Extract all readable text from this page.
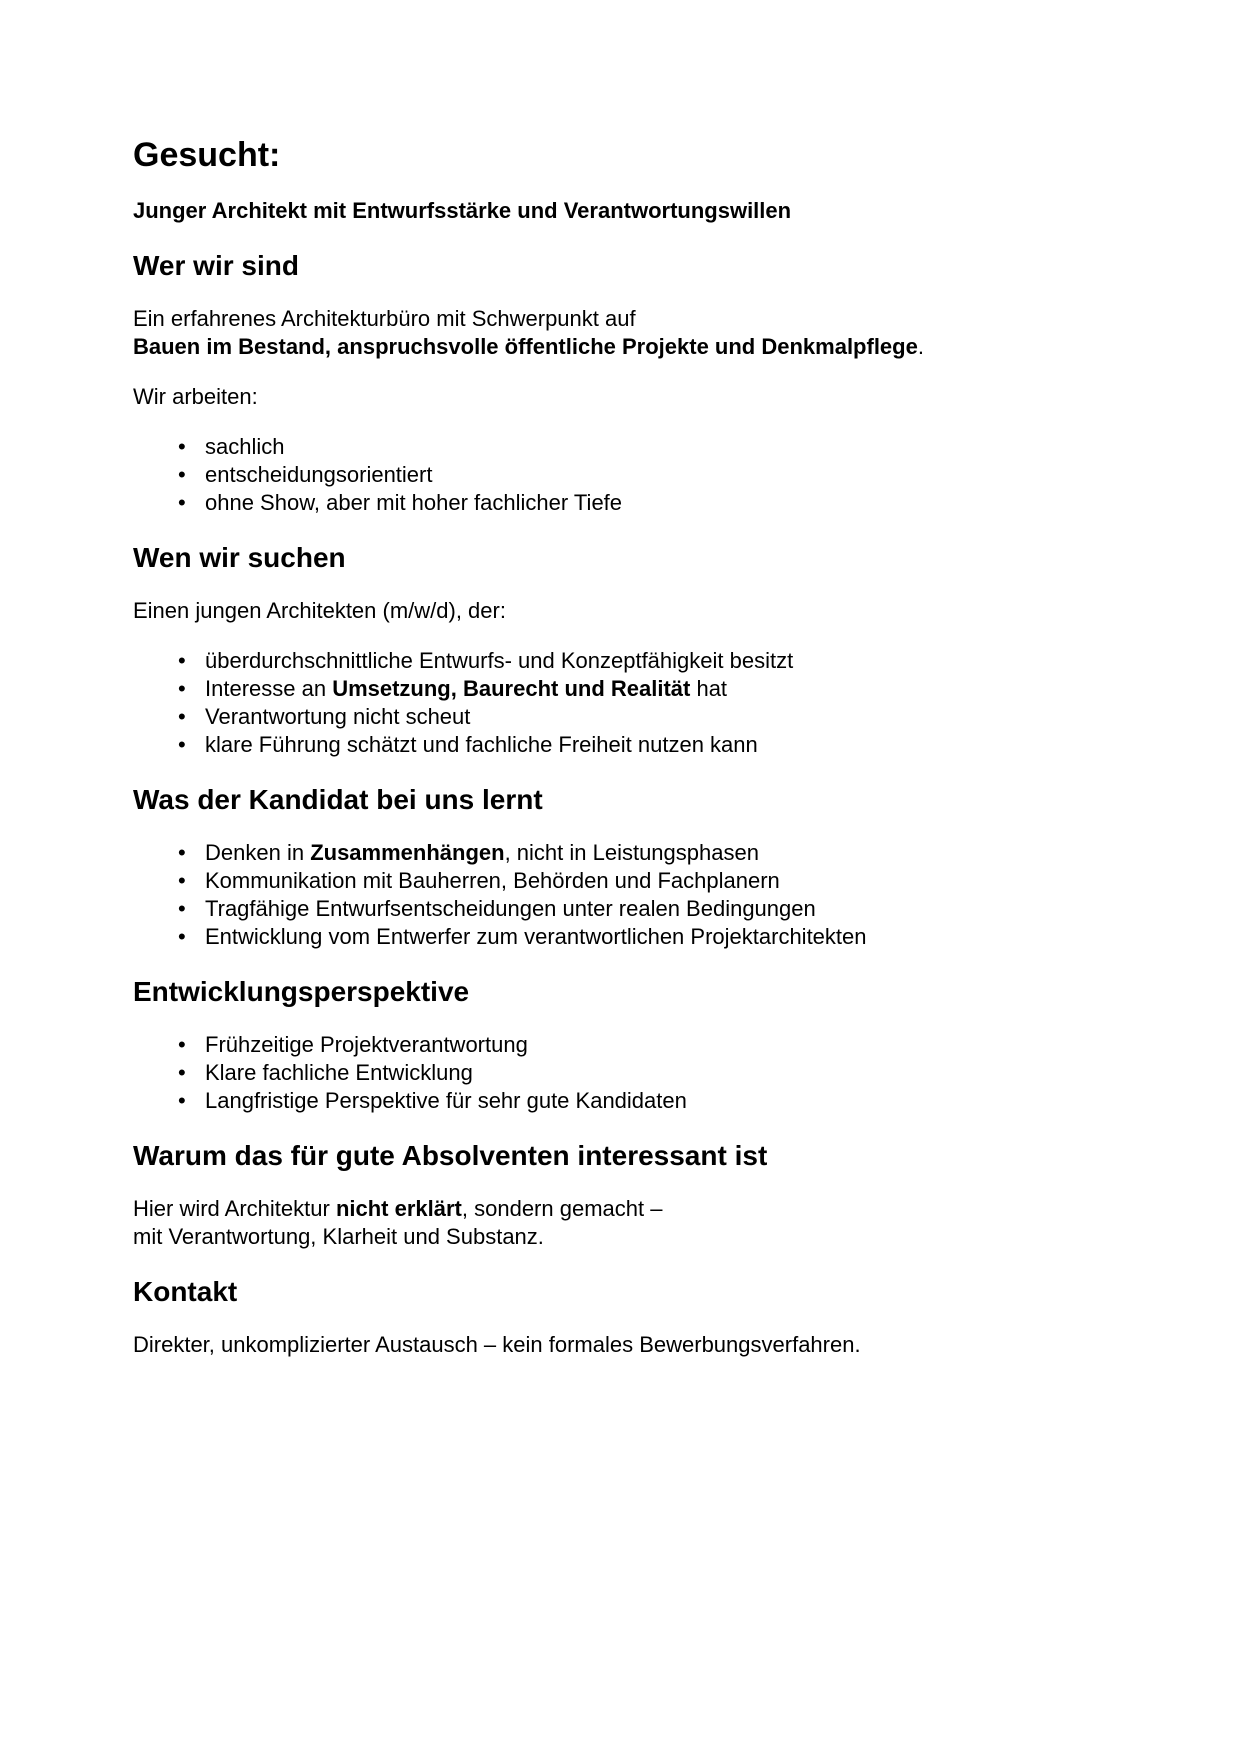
Gesucht:

Junger Architekt mit Entwurfsstärke und Verantwortungswillen

Wer wir sind

Ein erfahrenes Architekturbüro mit Schwerpunkt auf
Bauen im Bestand, anspruchsvolle öffentliche Projekte und Denkmalpflege.

Wir arbeiten:

• sachlich
• entscheidungsorientiert
• ohne Show, aber mit hoher fachlicher Tiefe
Wen wir suchen

Einen jungen Architekten (m/w/d), der:

• überdurchschnittliche Entwurfs- und Konzeptfähigkeit besitzt
• Interesse an Umsetzung, Baurecht und Realität hat
• Verantwortung nicht scheut
• klare Führung schätzt und fachliche Freiheit nutzen kann
Was der Kandidat bei uns lernt
• Denken in Zusammenhängen, nicht in Leistungsphasen
• Kommunikation mit Bauherren, Behörden und Fachplanern
• Tragfähige Entwurfsentscheidungen unter realen Bedingungen
• Entwicklung vom Entwerfer zum verantwortlichen Projektarchitekten
Entwicklungsperspektive
• Frühzeitige Projektverantwortung
• Klare fachliche Entwicklung
• Langfristige Perspektive für sehr gute Kandidaten
Warum das für gute Absolventen interessant ist

Hier wird Architektur nicht erklärt, sondern gemacht –
mit Verantwortung, Klarheit und Substanz.

Kontakt

Direkter, unkomplizierter Austausch – kein formales Bewerbungsverfahren.
